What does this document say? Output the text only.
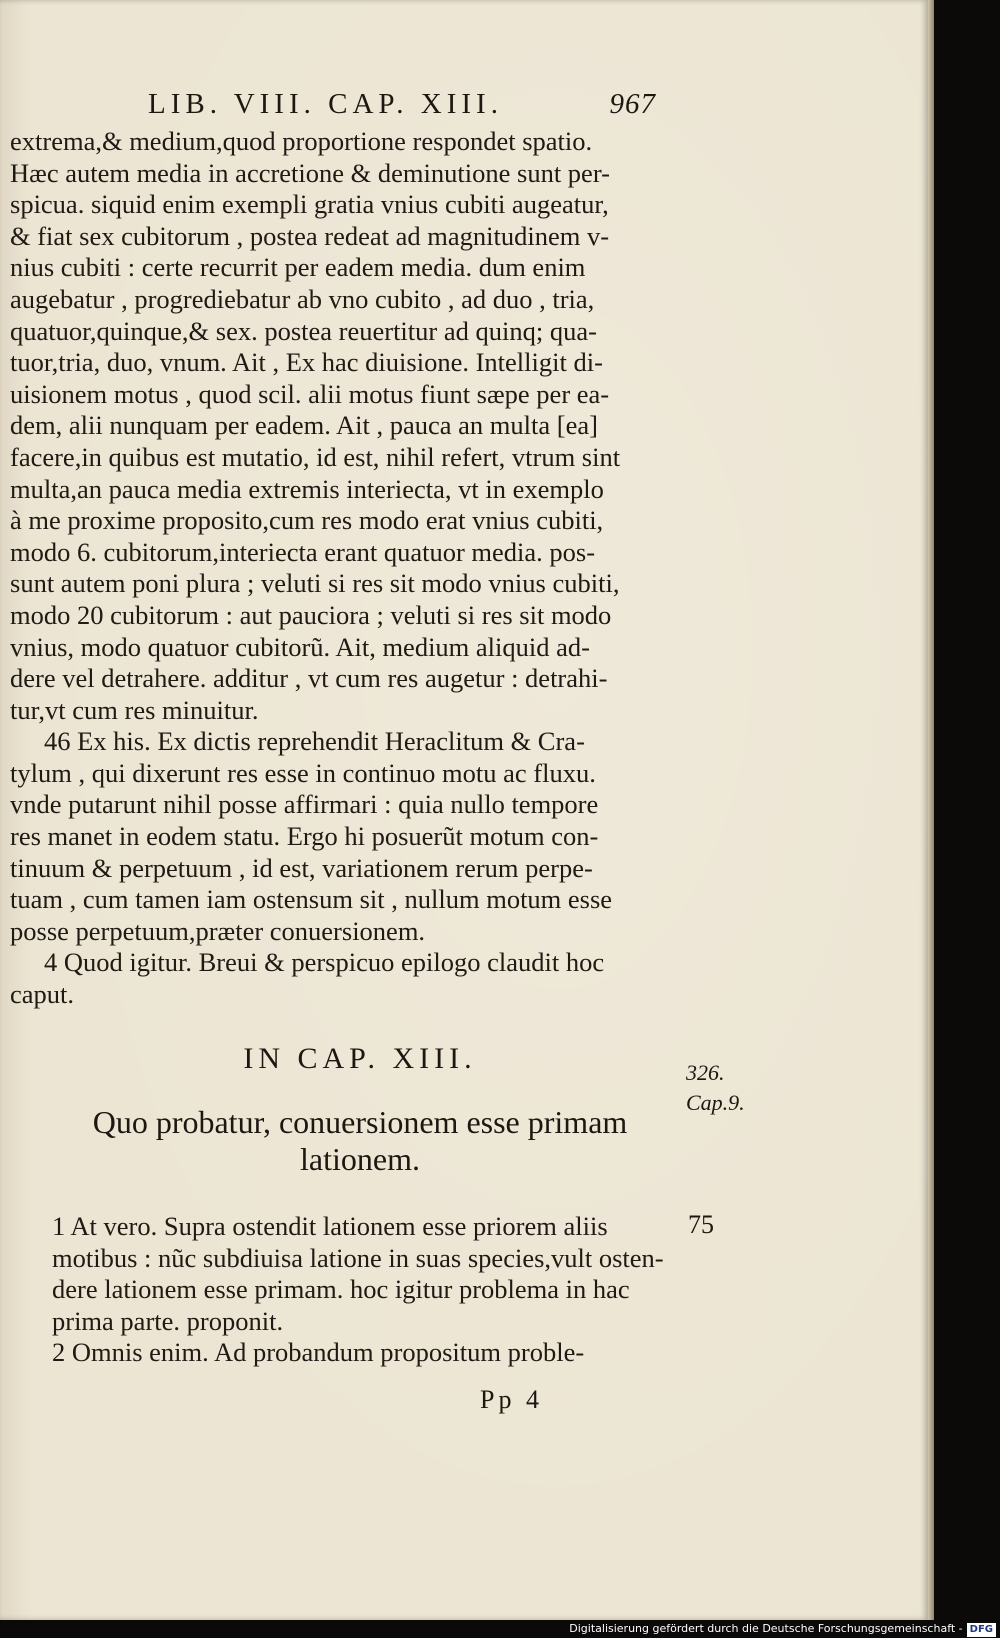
LIB. VIII. CAP. XIII.	967
extrema,& medium,quod proportione respondet spatio.
Hæc autem media in accretione & deminutione sunt per-
spicua. siquid enim exempli gratia vnius cubiti augeatur,
& fiat sex cubitorum , postea redeat ad magnitudinem v-
nius cubiti : certe recurrit per eadem media. dum enim
augebatur , progrediebatur ab vno cubito , ad duo , tria,
quatuor,quinque,& sex. postea reuertitur ad quinq; qua-
tuor,tria, duo, vnum. Ait , Ex hac diuisione. Intelligit di-
uisionem motus , quod scil. alii motus fiunt sæpe per ea-
dem, alii nunquam per eadem. Ait , pauca an multa [ea]
facere,in quibus est mutatio, id est, nihil refert, vtrum sint
multa,an pauca media extremis interiecta, vt in exemplo
à me proxime proposito,cum res modo erat vnius cubiti,
modo 6. cubitorum,interiecta erant quatuor media. pos-
sunt autem poni plura ; veluti si res sit modo vnius cubiti,
modo 20 cubitorum : aut pauciora ; veluti si res sit modo
vnius, modo quatuor cubitorũ. Ait, medium aliquid ad-
dere vel detrahere. additur , vt cum res augetur : detrahi-
tur,vt cum res minuitur.
46 Ex his. Ex dictis reprehendit Heraclitum & Cra-
tylum , qui dixerunt res esse in continuo motu ac fluxu.
vnde putarunt nihil posse affirmari : quia nullo tempore
res manet in eodem statu. Ergo hi posuerũt motum con-
tinuum & perpetuum , id est, variationem rerum perpe-
tuam , cum tamen iam ostensum sit , nullum motum esse
posse perpetuum,præter conuersionem.
4 Quod igitur. Breui & perspicuo epilogo claudit hoc
caput.
IN CAP. XIII.
Quo probatur, conuersionem esse primam
lationem.
326.
Cap.9.
75
1 At vero. Supra ostendit lationem esse priorem aliis
motibus : nũc subdiuisa latione in suas species,vult osten-
dere lationem esse primam. hoc igitur problema in hac
prima parte. proponit.
2 Omnis enim. Ad probandum propositum proble-
Pp 4
Digitalisierung gefördert durch die Deutsche Forschungsgemeinschaft - DFG
